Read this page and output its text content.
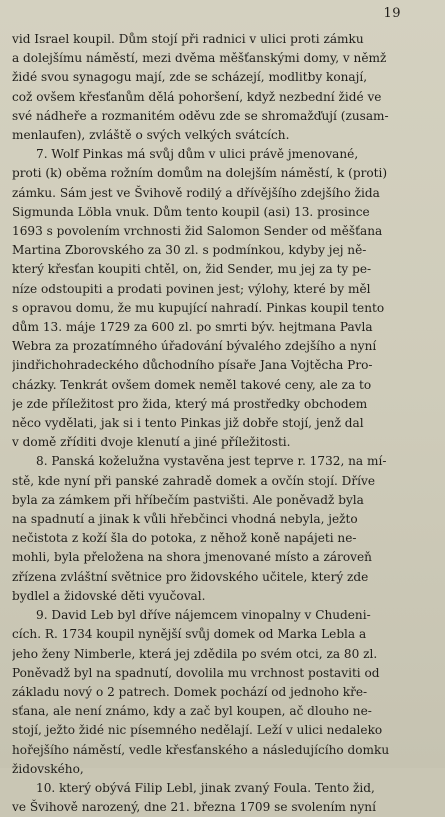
19
vid Israel koupil. Dům stojí při radnici v ulici proti zámku
a dolejšímu náměstí, mezi dvěma měšťanskými domy, v němž
židé svou synagogu mají, zde se scházejí, modlitby konají,
což ovšem křesťanům dělá pohoršení, když nezbední židé ve
své nádheře a rozmanitém oděvu zde se shromažďují (zusam-
menlaufen), zvláště o svých velkých svátcích.
7. Wolf Pinkas má svůj dům v ulici právě jmenované,
proti (k) oběma rožním domům na dolejším náměstí, k (proti)
zámku. Sám jest ve Švihově rodilý a dřívějšího zdejšího žida
Sigmunda Löbla vnuk. Dům tento koupil (asi) 13. prosince
1693 s povolením vrchnosti žid Salomon Sender od měšťana
Martina Zborovského za 30 zl. s podmínkou, kdyby jej ně-
který křesťan koupiti chtěl, on, žid Sender, mu jej za ty pe-
níze odstoupiti a prodati povinen jest; výlohy, které by měl
s opravou domu, že mu kupující nahradí. Pinkas koupil tento
dům 13. máje 1729 za 600 zl. po smrti býv. hejtmana Pavla
Webra za prozatímného úřadování bývalého zdejšího a nyní
jindřichohradeckého důchodního písaře Jana Vojtěcha Pro-
cházky. Tenkrát ovšem domek neměl takové ceny, ale za to
je zde příležitost pro žida, který má prostředky obchodem
něco vydělati, jak si i tento Pinkas již dobře stojí, jenž dal
v domě zříditi dvoje klenutí a jiné příležitosti.
8. Panská koželužna vystavěna jest teprve r. 1732, na mí-
stě, kde nyní při panské zahradě domek a ovčín stojí. Dříve
byla za zámkem při hříbečím pastvišti. Ale poněvadž byla
na spadnutí a jinak k vůli hřebčinci vhodná nebyla, ježto
nečistota z koží šla do potoka, z něhož koně napájeti ne-
mohli, byla přeložena na shora jmenované místo a zároveň
zřízena zvláštní světnice pro židovského učitele, který zde
bydlel a židovské děti vyučoval.
9. David Leb byl dříve nájemcem vinopalny v Chudeni-
cích. R. 1734 koupil nynější svůj domek od Marka Lebla a
jeho ženy Nimberle, která jej zdědila po svém otci, za 80 zl.
Poněvadž byl na spadnutí, dovolila mu vrchnost postaviti od
základu nový o 2 patrech. Domek pochází od jednoho kře-
sťana, ale není známo, kdy a zač byl koupen, ač dlouho ne-
stojí, ježto židé nic písemného nedělají. Leží v ulici nedaleko
hořejšího náměstí, vedle křesťanského a následujícího domku
židovského,
10. který obývá Filip Lebl, jinak zvaný Foula. Tento žid,
ve Švihově narozený, dne 21. března 1709 se svolením nyní
